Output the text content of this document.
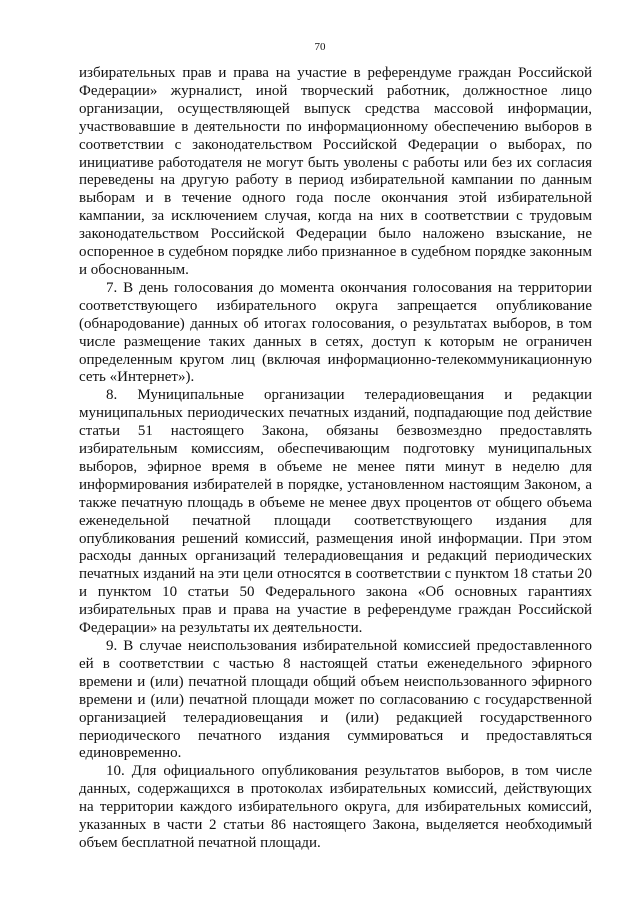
70

избирательных прав и права на участие в референдуме граждан Российской Федерации» журналист, иной творческий работник, должностное лицо организации, осуществляющей выпуск средства массовой информации, участвовавшие в деятельности по информационному обеспечению выборов в соответствии с законодательством Российской Федерации о выборах, по инициативе работодателя не могут быть уволены с работы или без их согласия переведены на другую работу в период избирательной кампании по данным выборам и в течение одного года после окончания этой избирательной кампании, за исключением случая, когда на них в соответствии с трудовым законодательством Российской Федерации было наложено взыскание, не оспоренное в судебном порядке либо признанное в судебном порядке законным и обоснованным.

7. В день голосования до момента окончания голосования на территории соответствующего избирательного округа запрещается опубликование (обнародование) данных об итогах голосования, о результатах выборов, в том числе размещение таких данных в сетях, доступ к которым не ограничен определенным кругом лиц (включая информационно-телекоммуникационную сеть «Интернет»).

8. Муниципальные организации телерадиовещания и редакции муниципальных периодических печатных изданий, подпадающие под действие статьи 51 настоящего Закона, обязаны безвозмездно предоставлять избирательным комиссиям, обеспечивающим подготовку муниципальных выборов, эфирное время в объеме не менее пяти минут в неделю для информирования избирателей в порядке, установленном настоящим Законом, а также печатную площадь в объеме не менее двух процентов от общего объема еженедельной печатной площади соответствующего издания для опубликования решений комиссий, размещения иной информации. При этом расходы данных организаций телерадиовещания и редакций периодических печатных изданий на эти цели относятся в соответствии с пунктом 18 статьи 20 и пунктом 10 статьи 50 Федерального закона «Об основных гарантиях избирательных прав и права на участие в референдуме граждан Российской Федерации» на результаты их деятельности.

9. В случае неиспользования избирательной комиссией предоставленного ей в соответствии с частью 8 настоящей статьи еженедельного эфирного времени и (или) печатной площади общий объем неиспользованного эфирного времени и (или) печатной площади может по согласованию с государственной организацией телерадиовещания и (или) редакцией государственного периодического печатного издания суммироваться и предоставляться единовременно.

10. Для официального опубликования результатов выборов, в том числе данных, содержащихся в протоколах избирательных комиссий, действующих на территории каждого избирательного округа, для избирательных комиссий, указанных в части 2 статьи 86 настоящего Закона, выделяется необходимый объем бесплатной печатной площади.
